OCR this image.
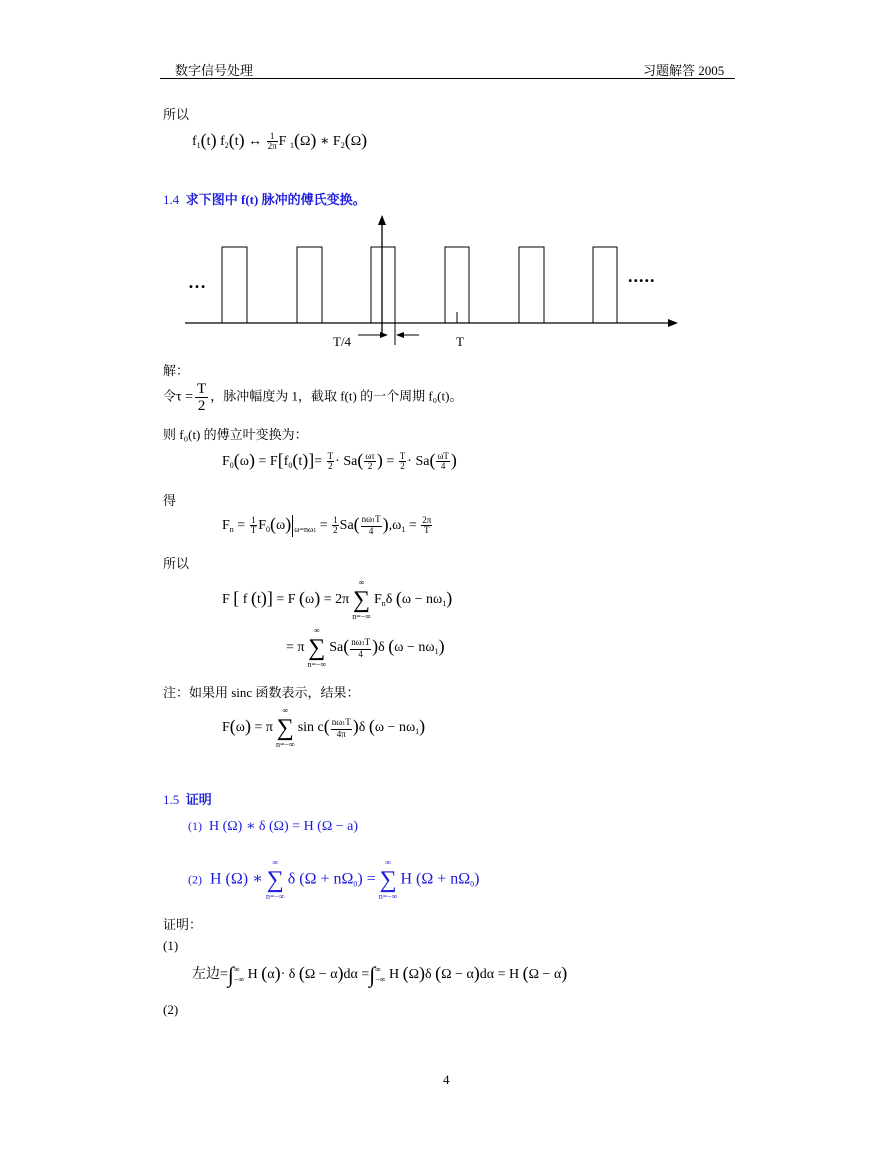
数字信号处理	习题解答 2005
所以
$f_1(t)$ $f_2(t)$ ↔ $\frac{1}{2\pi}$ F $_1$(Ω) ∗ $F_2(\Omega)$
1.4 求下图中 f(t) 脉冲的傅氏变换。
…	.....
T/4	T
解：
令$\tau = \frac{T}{2}$ ，脉冲幅度为 1，截取 f(t) 的一个周期 f₀(t)。
则 f₀(t) 的傅立叶变换为：
$F_0(\omega) = F[f_0(t)]= \frac{T}{2} \cdot Sa( \frac{\omega\tau}{2}$ ) = $\frac{T}{2} \cdot Sa( \frac{\omega T}{4}$ )
得
$F_n = \frac{1}{T} F_0(\omega) _{\omega=n\omega 1} = \frac{1}{2} Sa( \frac{n\omega 1T}{4} ),\omega_1 = \frac{2\pi}{T}$
所以
F [ f (t)] = F (ω) = 2π
∞
∑
n=−∞
$F_n\delta$ $(\omega - n\omega_1)$
= π
∞
∑
n=−∞
$Sa( \frac{n\omega 1T}{4} )\delta$ $(\omega - n\omega_1)$
注：如果用 sinc 函数表示，结果：
F(ω) = π
∞
∑
n=−∞
$\sin c( \frac{n\omega 1T}{4\pi} )\delta$ $(\omega - n\omega_1)$
1.5 证明
(1)  H (Ω) ∗ δ (Ω) = H (Ω − a)
(2)  H (Ω) ∗
∞
∑
n=−∞
δ $(\Omega + n\Omega_0)$ =
∞
∑
n=−∞
H $(\Omega + n\Omega_0)$
证明：
(1)
左边=∫ ∞
−∞ H (α)· δ (Ω − α)dα =∫ ∞
−∞ H (Ω)δ (Ω − α)dα = H (Ω − α)
(2)
4
